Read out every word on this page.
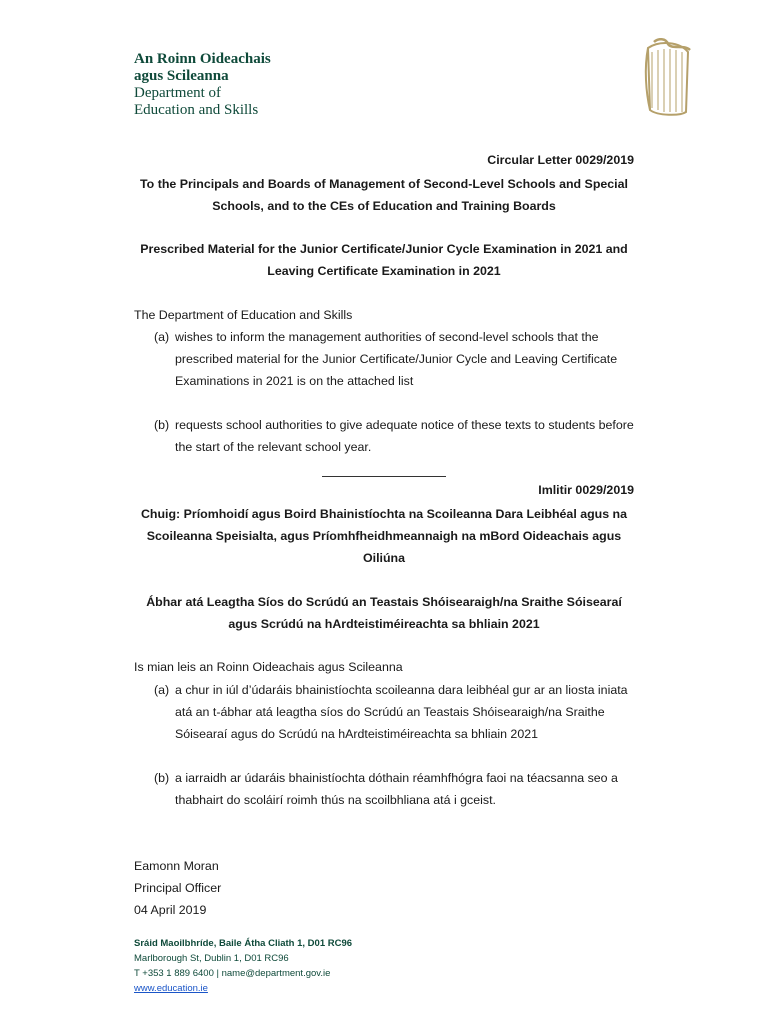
An Roinn Oideachais
agus Scileanna
Department of
Education and Skills
Circular Letter 0029/2019
To the Principals and Boards of Management of Second-Level Schools and Special
Schools, and to the CEs of Education and Training Boards
Prescribed Material for the Junior Certificate/Junior Cycle Examination in 2021 and
Leaving Certificate Examination in 2021
The Department of Education and Skills
(a) wishes to inform the management authorities of second-level schools that the
prescribed material for the Junior Certificate/Junior Cycle and Leaving Certificate
Examinations in 2021 is on the attached list
(b) requests school authorities to give adequate notice of these texts to students before
the start of the relevant school year.
Imlitir 0029/2019
Chuig: Príomhoidí agus Boird Bhainistíochta na Scoileanna Dara Leibhéal agus na
Scoileanna Speisialta, agus Príomhfheidhmeannaigh na mBord Oideachais agus
Oiliúna
Ábhar atá Leagtha Síos do Scrúdú an Teastais Shóisearaigh/na Sraithe Sóisearaí
agus Scrúdú na hArdteistiméireachta sa bhliain 2021
Is mian leis an Roinn Oideachais agus Scileanna
(a) a chur in iúl d’údaráis bhainistíochta scoileanna dara leibhéal gur ar an liosta iniata
atá an t-ábhar atá leagtha síos do Scrúdú an Teastais Shóisearaigh/na Sraithe
Sóisearaí agus do Scrúdú na hArdteistiméireachta sa bhliain 2021
(b) a iarraidh ar údaráis bhainistíochta dóthain réamhfhógra faoi na téacsanna seo a
thabhairt do scoláirí roimh thús na scoilbhliana atá i gceist.
Eamonn Moran
Principal Officer
04 April 2019
Sráid Maoilbhríde, Baile Átha Cliath 1, D01 RC96
Marlborough St, Dublin 1, D01 RC96
T +353 1 889 6400 | name@department.gov.ie
www.education.ie
